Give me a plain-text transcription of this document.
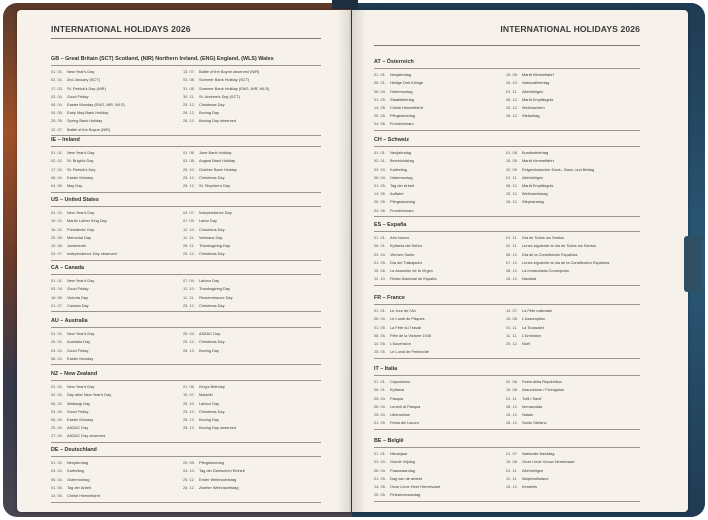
INTERNATIONAL HOLIDAYS 2026
GB – Great Britain (SCT) Scotland, (NIR) Northern Ireland, (ENG) England, (WLS) Wales
01. 01.	New Year's Day
02. 01.	2nd January (SCT)
17. 03.	St. Patrick's Day (NIR)
03. 04.	Good Friday
06. 04.	Easter Monday (ENG, NIR, WLS)
04. 05.	Early May Bank Holiday
25. 05.	Spring Bank Holiday
12. 07.	Battle of the Boyne (NIR)
13. 07.	Battle of the Boyne observed (NIR)
03. 08.	Summer Bank Holiday (SCT)
31. 08.	Summer Bank Holiday (ENG, NIR, WLS)
30. 11.	St. Andrew's Day (SCT)
25. 12.	Christmas Day
26. 12.	Boxing Day
28. 12.	Boxing Day observed
IE – Ireland
01. 01.	New Year's Day
02. 02.	St. Brigid's Day
17. 03.	St. Patrick's Day
06. 04.	Easter Monday
04. 05.	May Day
01. 06.	June Bank Holiday
03. 08.	August Bank Holiday
26. 10.	October Bank Holiday
25. 12.	Christmas Day
26. 12.	St. Stephen's Day
US – United States
01. 01.	New Year's Day
19. 01.	Martin Luther King Day
16. 02.	Presidents' Day
25. 05.	Memorial Day
19. 06.	Juneteenth
03. 07.	Independence Day observed
04. 07.	Independence Day
07. 09.	Labor Day
12. 10.	Columbus Day
11. 11.	Veterans Day
26. 11.	Thanksgiving Day
25. 12.	Christmas Day
CA – Canada
01. 01.	New Year's Day
03. 04.	Good Friday
18. 05.	Victoria Day
01. 07.	Canada Day
07. 09.	Labour Day
12. 10.	Thanksgiving Day
11. 11.	Remembrance Day
25. 12.	Christmas Day
AU – Australia
01. 01.	New Year's Day
26. 01.	Australia Day
03. 04.	Good Friday
06. 04.	Easter Monday
25. 04.	ANZAC Day
25. 12.	Christmas Day
26. 12.	Boxing Day
NZ – New Zealand
01. 01.	New Year's Day
02. 01.	Day after New Year's Day
06. 02.	Waitangi Day
03. 04.	Good Friday
06. 04.	Easter Monday
25. 04.	ANZAC Day
27. 04.	ANZAC Day observed
01. 06.	King's Birthday
10. 07.	Matariki
26. 10.	Labour Day
25. 12.	Christmas Day
26. 12.	Boxing Day
28. 12.	Boxing Day observed
DE – Deutschland
01. 01.	Neujahrstag
03. 04.	Karfreitag
06. 04.	Ostermontag
01. 05.	Tag der Arbeit
14. 05.	Christi Himmelfahrt
25. 05.	Pfingstmontag
03. 10.	Tag der Deutschen Einheit
25. 12.	Erster Weihnachtstag
26. 12.	Zweiter Weihnachtstag
INTERNATIONAL HOLIDAYS 2026
AT – Österreich
01. 01.	Neujahrstag
06. 01.	Heilige Drei Könige
06. 04.	Ostermontag
01. 05.	Staatsfeiertag
14. 05.	Christi Himmelfahrt
25. 05.	Pfingstmontag
04. 06.	Fronleichnam
15. 08.	Mariä Himmelfahrt
26. 10.	Nationalfeiertag
01. 11.	Allerheiligen
08. 12.	Mariä Empfängnis
25. 12.	Weihnachten
26. 12.	Stefanitag
CH – Schweiz
01. 01.	Neujahrstag
02. 01.	Berchtoldstag
03. 04.	Karfreitag
06. 04.	Ostermontag
01. 05.	Tag der Arbeit
14. 05.	Auffahrt
25. 05.	Pfingstmontag
04. 06.	Fronleichnam
01. 08.	Bundesfeiertag
15. 08.	Mariä Himmelfahrt
20. 09.	Eidgenössischer Dank-, Buss- und Bettag
01. 11.	Allerheiligen
08. 12.	Mariä Empfängnis
25. 12.	Weihnachtstag
26. 12.	Stephanstag
ES – España
01. 01.	Año Nuevo
06. 01.	Epifanía del Señor
03. 04.	Viernes Santo
01. 05.	Día del Trabajador
15. 08.	La Asunción de la Virgen
12. 10.	Fiesta Nacional de España
01. 11.	Día de Todos los Santos
02. 11.	Lunes siguiente al día de Todos los Santos
06. 12.	Día de la Constitución Española
07. 12.	Lunes siguiente al día de la Constitución Española
08. 12.	La Inmaculada Concepción
25. 12.	Navidad
FR – France
01. 01.	Le Jour de l'An
06. 04.	Le Lundi de Pâques
01. 05.	La Fête du Travail
08. 05.	Fête de la Victoire 1945
14. 05.	L'Ascension
25. 05.	Le Lundi de Pentecôte
14. 07.	La Fête nationale
15. 08.	L'Assomption
01. 11.	La Toussaint
11. 11.	L'Armistice
25. 12.	Noël
IT – Italia
01. 01.	Capodanno
06. 01.	Epifania
05. 04.	Pasqua
06. 04.	Lunedì di Pasqua
25. 04.	Liberazione
01. 05.	Festa del Lavoro
02. 06.	Festa della Repubblica
15. 08.	Assunzione / Ferragosto
01. 11.	Tutti i Santi
08. 12.	Immacolata
25. 12.	Natale
26. 12.	Santo Stefano
BE – België
01. 01.	Nieuwjaar
03. 04.	Goede Vrijdag
06. 04.	Paasmaandag
01. 05.	Dag van de arbeid
14. 05.	Onze Lieve Heer Hemelvaart
25. 05.	Pinkstermaandag
21. 07.	Nationale feestdag
15. 08.	Onze Lieve Vrouw Hemelvaart
01. 11.	Allerheiligen
11. 11.	Wapenstilstand
25. 12.	Kerstmis
